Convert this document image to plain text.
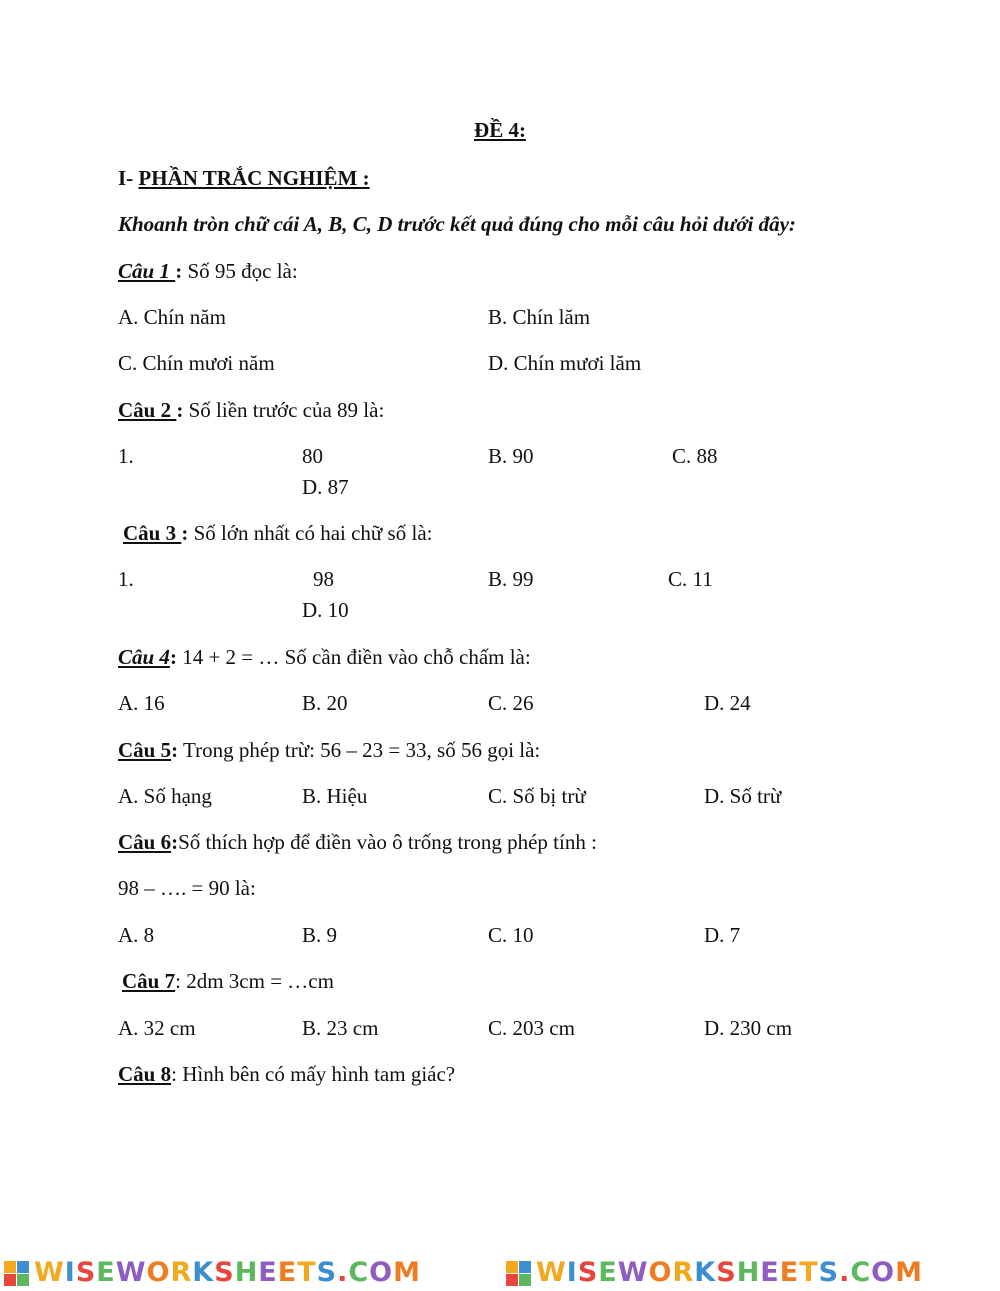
ĐỀ 4:
I- PHẦN TRẮC NGHIỆM :
Khoanh tròn chữ cái A, B, C, D trước kết quả đúng cho mỗi câu hỏi dưới đây:
Câu 1 : Số 95 đọc là:
A. Chín năm	B. Chín lăm
C. Chín mươi năm	D. Chín mươi lăm
Câu 2 : Số liền trước của 89 là:
1.	80	B. 90	C. 88
D. 87
Câu 3 : Số lớn nhất có hai chữ số là:
1.	98	B. 99	C. 11
D. 10
Câu 4: 14 + 2 = … Số cần điền vào chỗ chấm là:
A. 16	B. 20	C. 26	D. 24
Câu 5: Trong phép trừ: 56 – 23 = 33, số 56 gọi là:
A. Số hạng	B. Hiệu	C. Số bị trừ	D. Số trừ
Câu 6:Số thích hợp để điền vào ô trống trong phép tính :
98 – …. = 90 là:
A. 8	B. 9	C. 10	D. 7
Câu 7: 2dm 3cm = …cm
A. 32 cm	B. 23 cm	C. 203 cm	D. 230 cm
Câu 8: Hình bên có mấy hình tam giác?
WISEWORKSHEETS.COM	WISEWORKSHEETS.COM
